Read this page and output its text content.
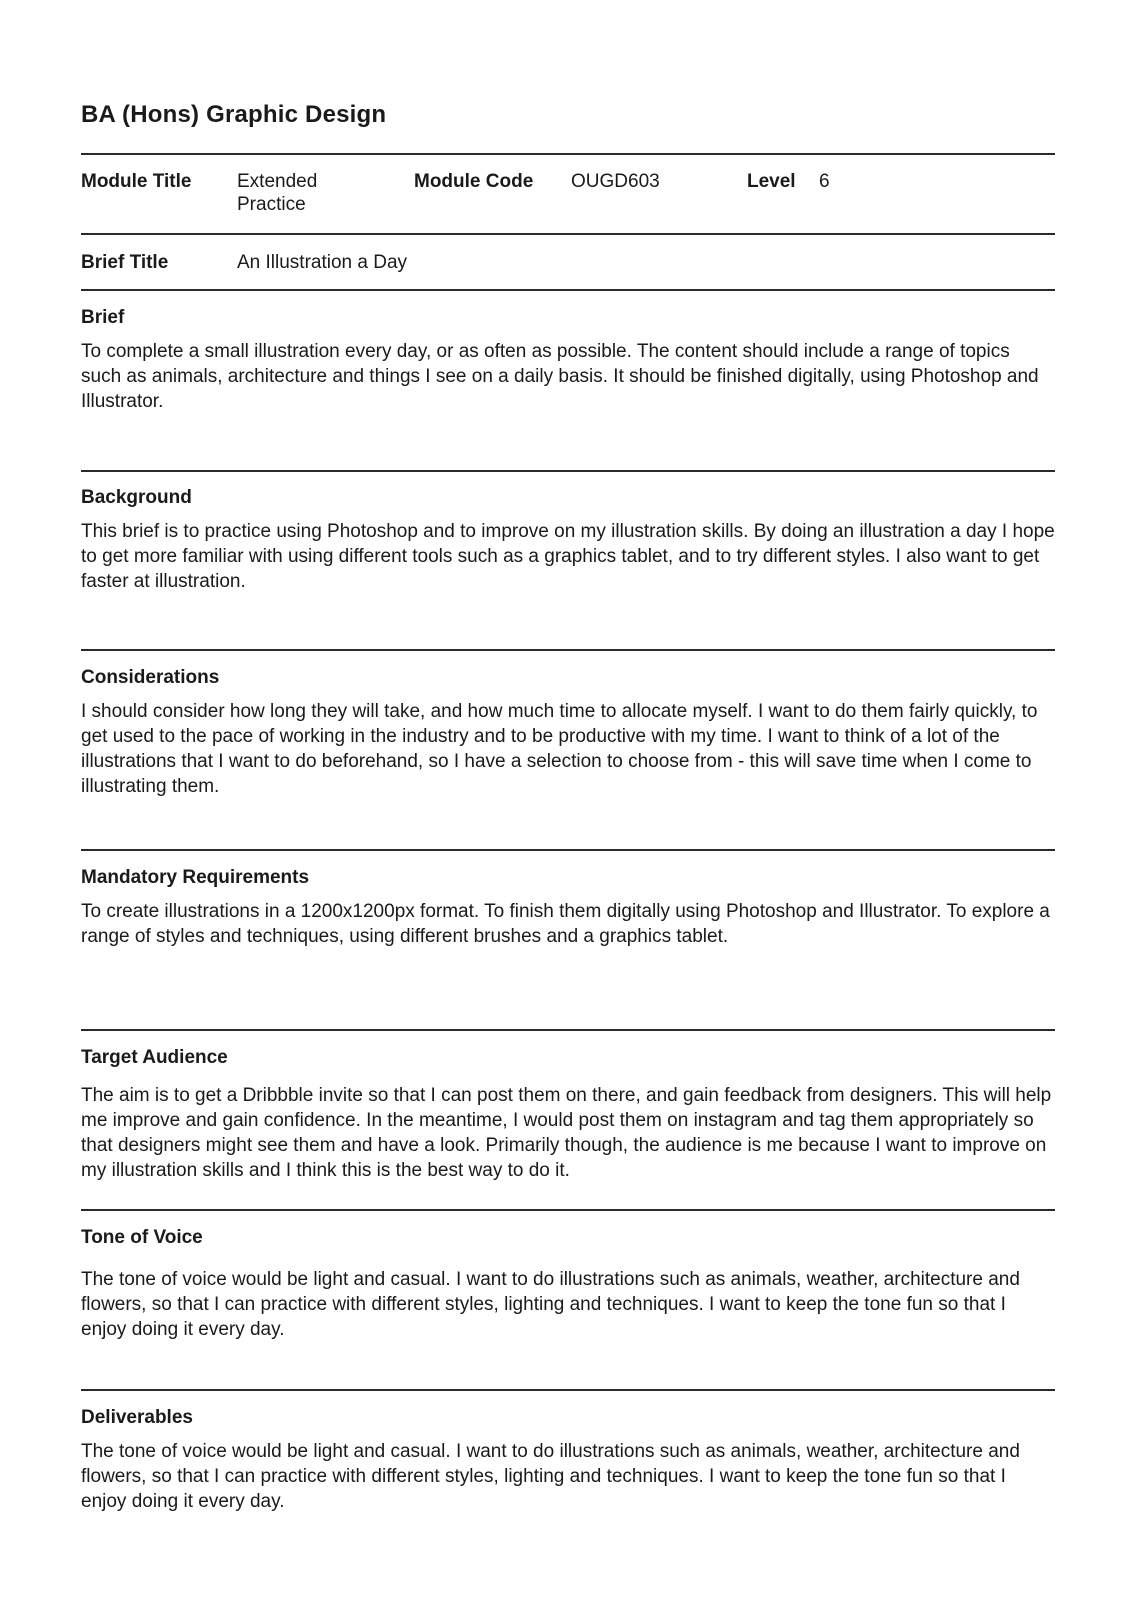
BA (Hons) Graphic Design
Module Title Extended
Practice
Module Code OUGD603	Level 6
Brief Title	An Illustration a Day
Brief

To complete a small illustration every day, or as often as possible. The content should include a range of topics such as animals, architecture and things I see on a daily basis. It should be finished digitally, using Photoshop and Illustrator.

Background

This brief is to practice using Photoshop and to improve on my illustration skills. By doing an illustration a day I hope to get more familiar with using different tools such as a graphics tablet, and to try different styles. I also want to get faster at illustration.

Considerations

I should consider how long they will take, and how much time to allocate myself. I want to do them fairly quickly, to get used to the pace of working in the industry and to be productive with my time. I want to think of a lot of the illustrations that I want to do beforehand, so I have a selection to choose from - this will save time when I come to illustrating them.

Mandatory Requirements

To create illustrations in a 1200x1200px format. To finish them digitally using Photoshop and Illustrator. To explore a range of styles and techniques, using different brushes and a graphics tablet.

Target Audience

The aim is to get a Dribbble invite so that I can post them on there, and gain feedback from designers. This will help me improve and gain confidence. In the meantime, I would post them on instagram and tag them appropriately so that designers might see them and have a look. Primarily though, the audience is me because I want to improve on my illustration skills and I think this is the best way to do it.

Tone of Voice

The tone of voice would be light and casual. I want to do illustrations such as animals, weather, architecture and flowers, so that I can practice with different styles, lighting and techniques. I want to keep the tone fun so that I enjoy doing it every day.

Deliverables

The tone of voice would be light and casual. I want to do illustrations such as animals, weather, architecture and flowers, so that I can practice with different styles, lighting and techniques. I want to keep the tone fun so that I enjoy doing it every day.
